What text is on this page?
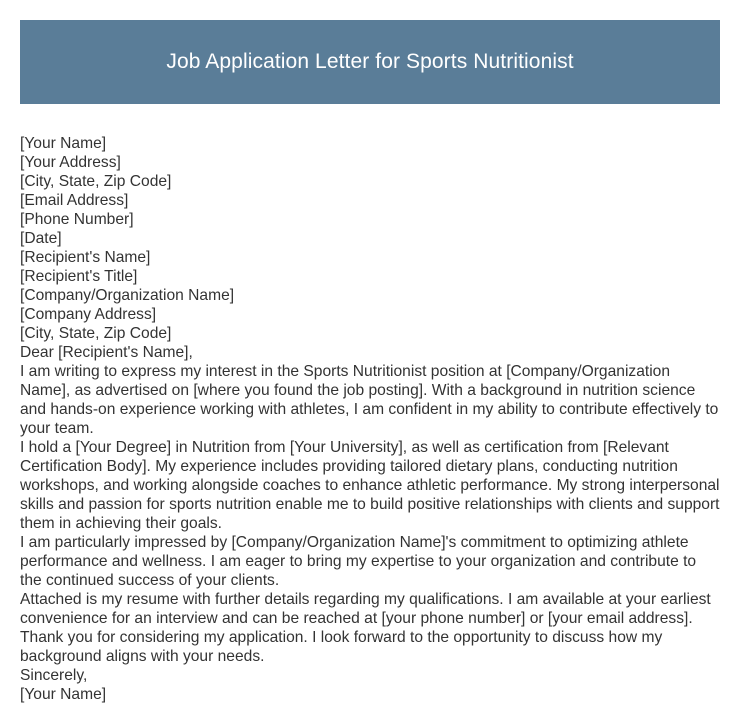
Job Application Letter for Sports Nutritionist
[Your Name]
[Your Address]
[City, State, Zip Code]
[Email Address]
[Phone Number]
[Date]
[Recipient's Name]
[Recipient's Title]
[Company/Organization Name]
[Company Address]
[City, State, Zip Code]
Dear [Recipient's Name],
I am writing to express my interest in the Sports Nutritionist position at [Company/Organization Name], as advertised on [where you found the job posting]. With a background in nutrition science and hands-on experience working with athletes, I am confident in my ability to contribute effectively to your team.
I hold a [Your Degree] in Nutrition from [Your University], as well as certification from [Relevant Certification Body]. My experience includes providing tailored dietary plans, conducting nutrition workshops, and working alongside coaches to enhance athletic performance. My strong interpersonal skills and passion for sports nutrition enable me to build positive relationships with clients and support them in achieving their goals.
I am particularly impressed by [Company/Organization Name]'s commitment to optimizing athlete performance and wellness. I am eager to bring my expertise to your organization and contribute to the continued success of your clients.
Attached is my resume with further details regarding my qualifications. I am available at your earliest convenience for an interview and can be reached at [your phone number] or [your email address]. Thank you for considering my application. I look forward to the opportunity to discuss how my background aligns with your needs.
Sincerely,
[Your Name]
